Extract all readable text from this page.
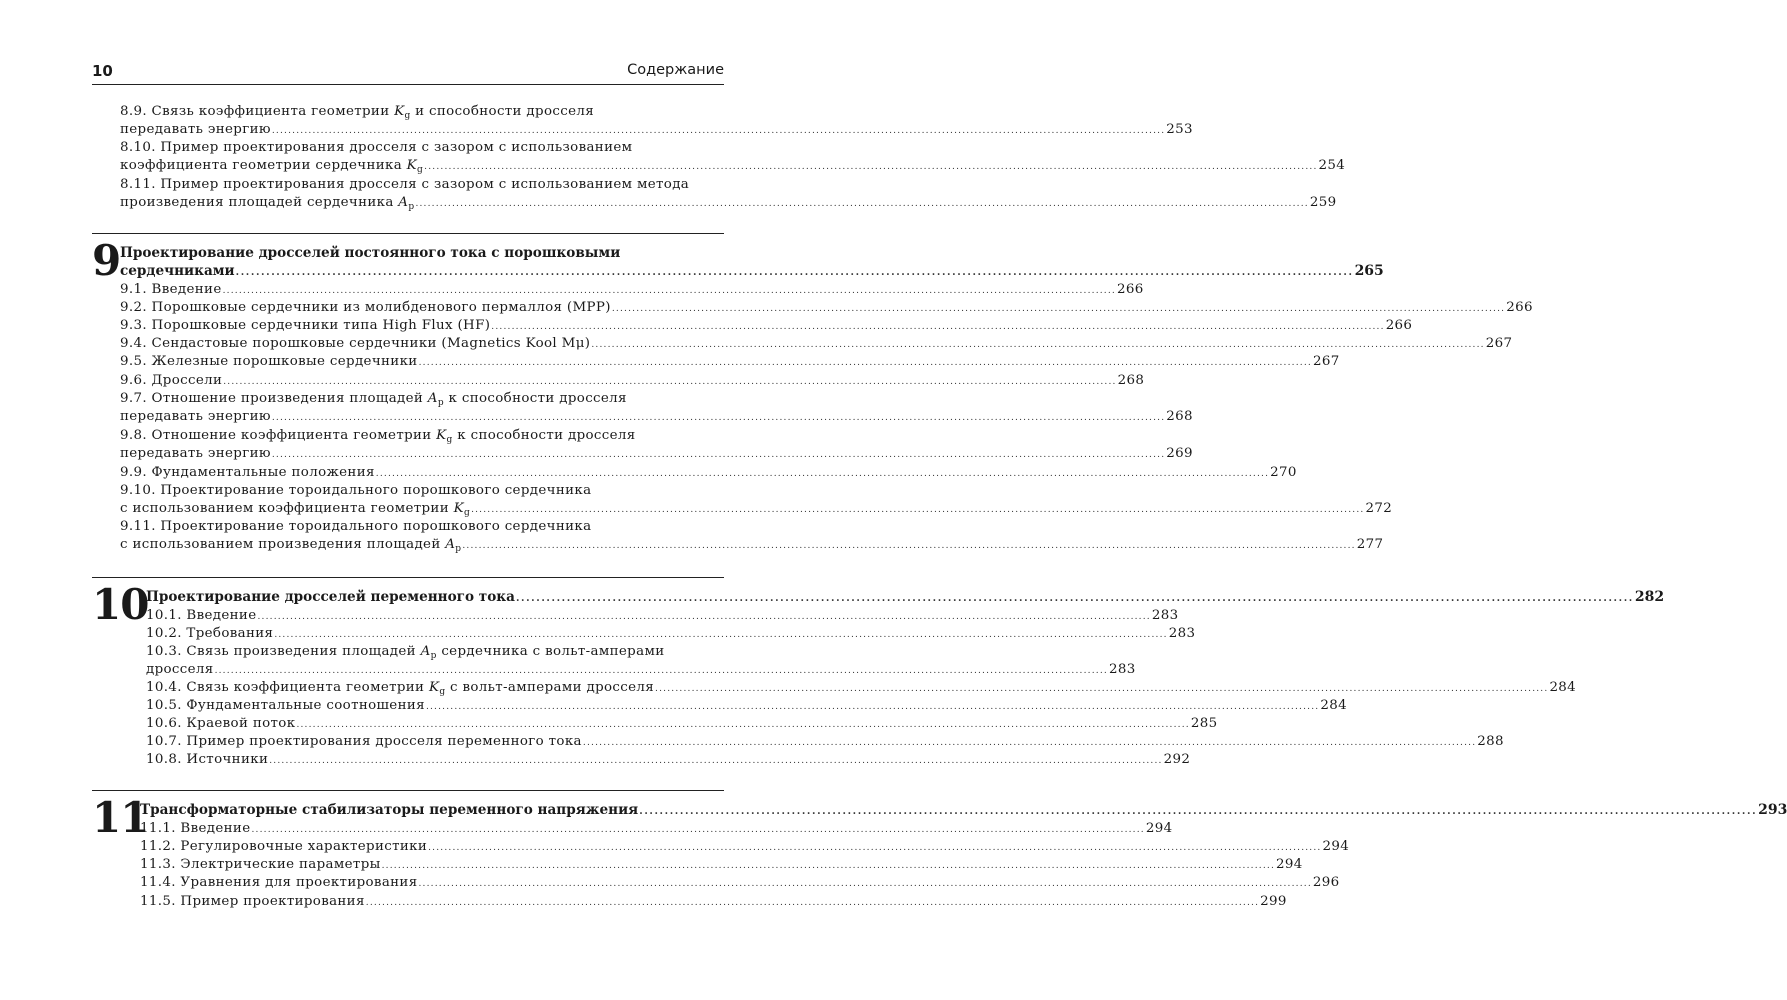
10	Содержание
8.9. Связь коэффициента геометрии $K_g$ и способности дросселя
передавать энергию ............................................................................................................................................................................................................................ 253
8.10. Пример проектирования дросселя с зазором с использованием
коэффициента геометрии сердечника $K_g$ ............................................................................................................................................................................................................................ 254
8.11. Пример проектирования дросселя с зазором с использованием метода
произведения площадей сердечника $A_p$ ............................................................................................................................................................................................................................ 259
9 Проектирование дросселей постоянного тока с порошковыми
сердечниками ............................................................................................................................................................................................................................ 265
9.1. Введение ............................................................................................................................................................................................................................ 266
9.2. Порошковые сердечники из молибденового пермаллоя (MPP) ............................................................................................................................................................................................................................ 266
9.3. Порошковые сердечники типа High Flux (HF) ............................................................................................................................................................................................................................ 266
9.4. Сендастовые порошковые сердечники (Magnetics Kool Mμ) ............................................................................................................................................................................................................................ 267
9.5. Железные порошковые сердечники ............................................................................................................................................................................................................................ 267
9.6. Дроссели ............................................................................................................................................................................................................................ 268
9.7. Отношение произведения площадей $A_p$ к способности дросселя
передавать энергию ............................................................................................................................................................................................................................ 268
9.8. Отношение коэффициента геометрии $K_g$ к способности дросселя
передавать энергию ............................................................................................................................................................................................................................ 269
9.9. Фундаментальные положения ............................................................................................................................................................................................................................ 270
9.10. Проектирование тороидального порошкового сердечника
с использованием коэффициента геометрии $K_g$ ............................................................................................................................................................................................................................ 272
9.11. Проектирование тороидального порошкового сердечника
с использованием произведения площадей $A_p$ ............................................................................................................................................................................................................................ 277
10
Проектирование дросселей переменного тока ............................................................................................................................................................................................................................ 282
10.1. Введение ............................................................................................................................................................................................................................ 283
10.2. Требования ............................................................................................................................................................................................................................ 283
10.3. Связь произведения площадей $A_p$ сердечника с вольт-амперами
дросселя ............................................................................................................................................................................................................................ 283
10.4. Связь коэффициента геометрии $K_g$ с вольт-амперами дросселя ............................................................................................................................................................................................................................ 284
10.5. Фундаментальные соотношения ............................................................................................................................................................................................................................ 284
10.6. Краевой поток ............................................................................................................................................................................................................................ 285
10.7. Пример проектирования дросселя переменного тока ............................................................................................................................................................................................................................ 288
10.8. Источники ............................................................................................................................................................................................................................ 292
11
Трансформаторные стабилизаторы переменного напряжения ............................................................................................................................................................................................................................ 293
11.1. Введение ............................................................................................................................................................................................................................ 294
11.2. Регулировочные характеристики ............................................................................................................................................................................................................................ 294
11.3. Электрические параметры ............................................................................................................................................................................................................................ 294
11.4. Уравнения для проектирования ............................................................................................................................................................................................................................ 296
11.5. Пример проектирования ............................................................................................................................................................................................................................ 299
